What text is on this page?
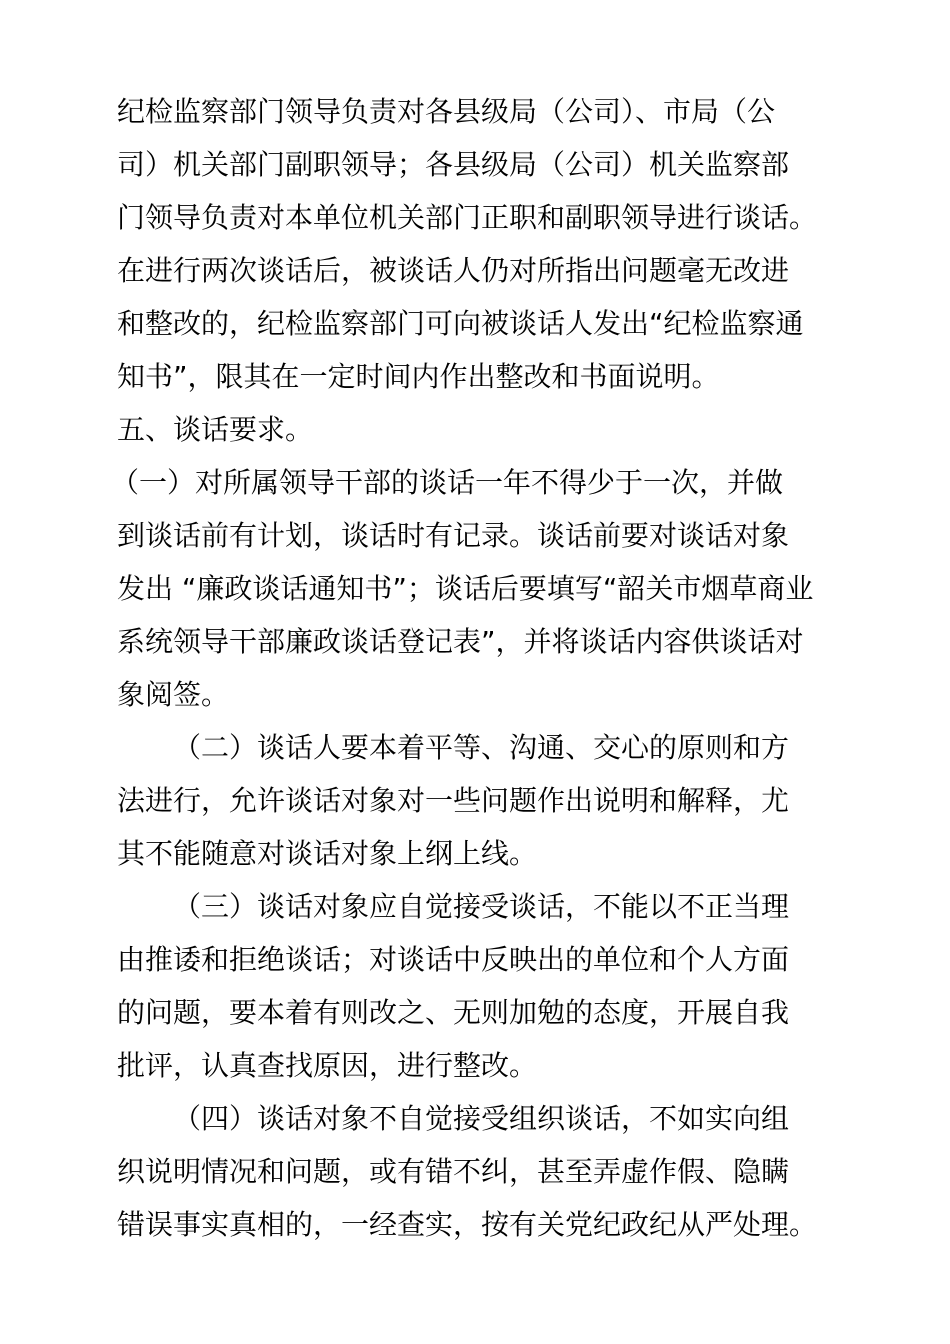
纪检监察部门领导负责对各县级局（公司）、市局（公
司）机关部门副职领导；各县级局（公司）机关监察部
门领导负责对本单位机关部门正职和副职领导进行谈话。
在进行两次谈话后，被谈话人仍对所指出问题毫无改进
和整改的，纪检监察部门可向被谈话人发出“纪检监察通
知书”，限其在一定时间内作出整改和书面说明。
五、谈话要求。
（一）对所属领导干部的谈话一年不得少于一次，并做
到谈话前有计划，谈话时有记录。谈话前要对谈话对象
发出 “廉政谈话通知书”；谈话后要填写“韶关市烟草商业
系统领导干部廉政谈话登记表”，并将谈话内容供谈话对
象阅签。
（二）谈话人要本着平等、沟通、交心的原则和方
法进行，允许谈话对象对一些问题作出说明和解释，尤
其不能随意对谈话对象上纲上线。
（三）谈话对象应自觉接受谈话，不能以不正当理
由推诿和拒绝谈话；对谈话中反映出的单位和个人方面
的问题，要本着有则改之、无则加勉的态度，开展自我
批评，认真查找原因，进行整改。
（四）谈话对象不自觉接受组织谈话，不如实向组
织说明情况和问题，或有错不纠，甚至弄虚作假、隐瞒
错误事实真相的，一经查实，按有关党纪政纪从严处理。
